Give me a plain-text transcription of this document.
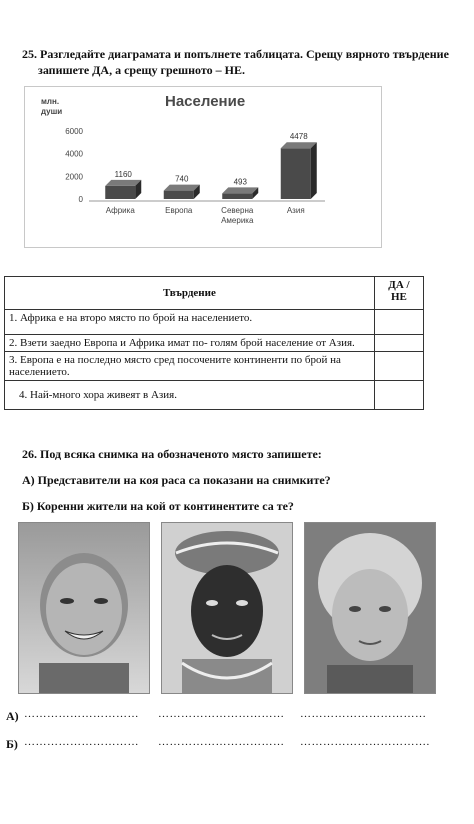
25. Разгледайте диаграмата и попълнете таблицата. Срещу вярното твърдение
запишете ДА, а срещу грешното – НЕ.
Население
млн.
души
0
2000
4000
6000
1160
Африка
740
Европа
493
Северна
Америка
4478
Азия
Твърдение	ДА /
НЕ

1. Африка е на второ място по брой на населението.	
2. Взети заедно Европа и Африка имат по- голям брой население от Азия.	
3. Европа е на последно място сред посочените континенти по брой на населението.	
4. Най-много хора живеят в Азия.	
26. Под всяка снимка на обозначеното място запишете:
А) Представители на коя раса са показани на снимките?
Б) Коренни жители на кой от континентите са те?
А) ………………………… …………………………… ……………………………
Б) ………………………… …………………………… …………………………….
